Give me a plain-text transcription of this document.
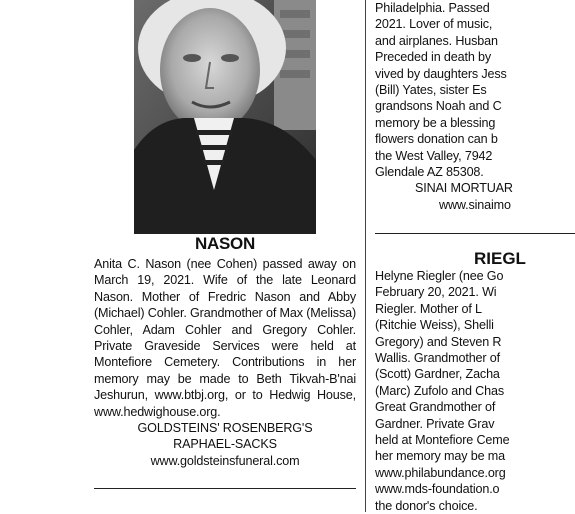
NASON

Anita C. Nason (nee Cohen) passed away on March 19, 2021. Wife of the late Leonard Nason. Mother of Fredric Nason and Abby (Michael) Cohler. Grandmother of Max (Melissa) Cohler, Adam Cohler and Gregory Cohler. Private Graveside Services were held at Montefiore Cemetery. Contributions in her memory may be made to Beth Tikvah-B'nai Jeshurun, www.btbj.org, or to Hedwig House, www.hedwighouse.org.

GOLDSTEINS' ROSENBERG'S

RAPHAEL-SACKS

www.goldsteinsfuneral.com

Philadelphia. Passed
2021. Lover of music,
and airplanes. Husban
Preceded in death by
vived by daughters Jess
(Bill) Yates, sister Es
grandsons Noah and C
memory be a blessing
flowers donation can b
the West Valley, 7942
Glendale AZ 85308.
SINAI MORTUAR
www.sinaimo
RIEGL
Helyne Riegler (nee Go
February 20, 2021. Wi
Riegler. Mother of L
(Ritchie Weiss), Shelli
Gregory) and Steven R
Wallis. Grandmother of
(Scott) Gardner, Zacha
(Marc) Zufolo and Chas
Great Grandmother of
Gardner. Private Grav
held at Montefiore Ceme
her memory may be ma
www.philabundance.org
www.mds-foundation.o
the donor's choice.
